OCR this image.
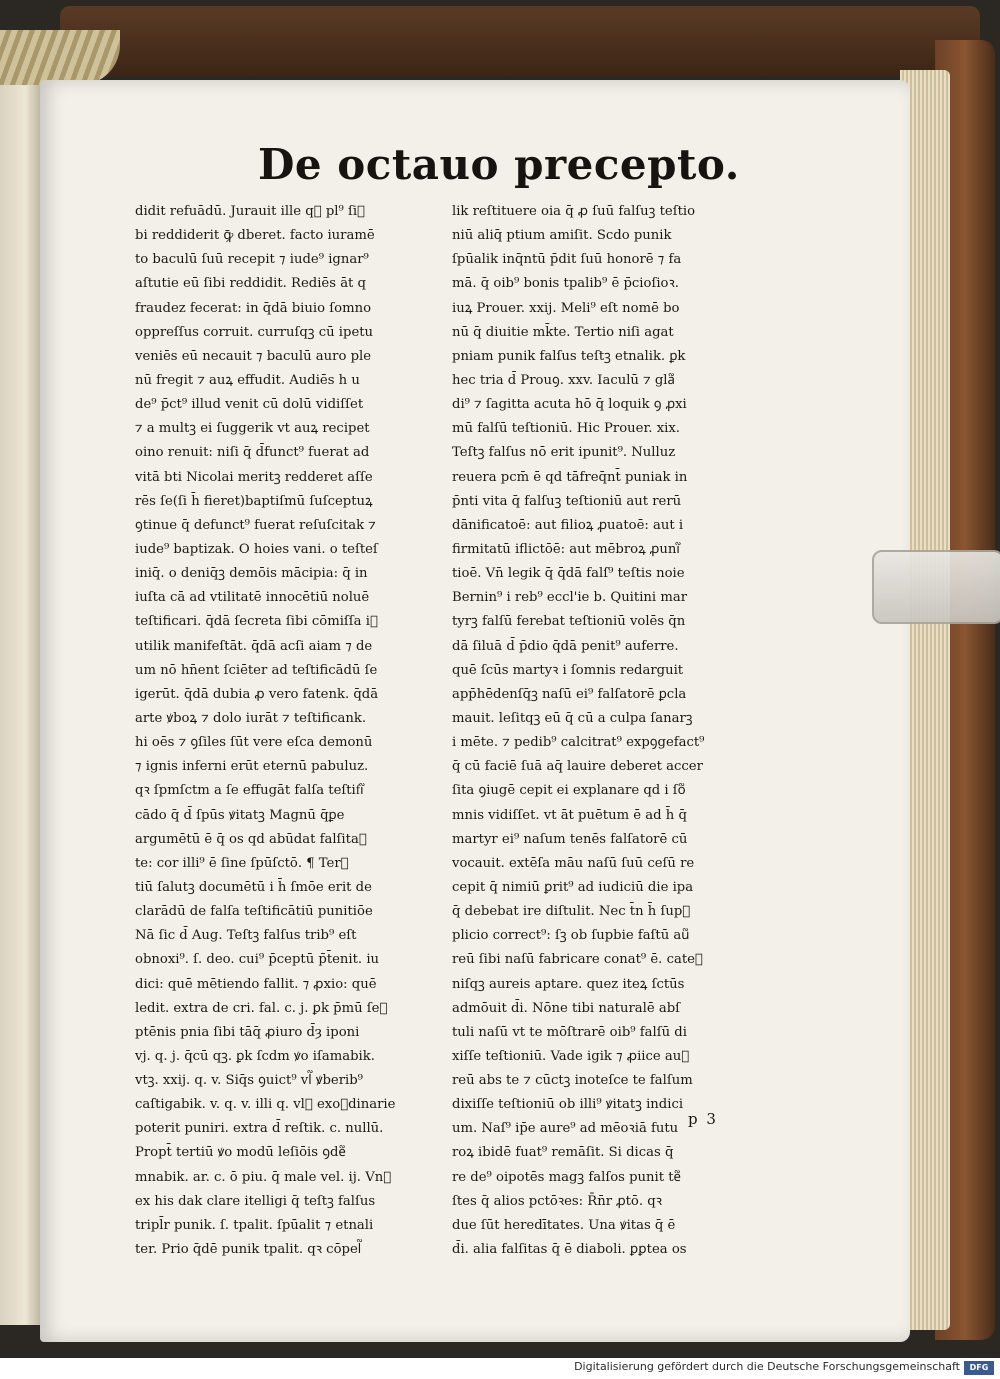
De octauo precepto.
didit refuādū. Jurauit ille q᷑ pl⁹ ſi᷑
bi reddiderit ꝙ̄ dberet. facto iuramē
to baculū ſuū recepit ⁊ iude⁹ ignar⁹
aſtutie eū ſibi reddidit. Rediēs āt q
fraudez fecerat: in q̄dā biuio ſomno
oppreſſus corruit. curruſqꝫ cū ipetu
veniēs eū necauit ⁊ baculū auro ple
nū fregit ⁊ auꝝ effudit. Audiēs h u
de⁹ p̄ct⁹ illud venit cū dolū vidiſſet
⁊ a multꝫ ei ſuggerik vt auꝝ recipet
oino renuit: niſi q̄ d̄funct⁹ fuerat ad
vitā bti Nicolai meritꝫ redderet aſſe
rēs ſe(ſi h̄ fieret)baptiſmū ſuſceptuꝝ
ꝯtinue q̄ defunct⁹ fuerat reſuſcitak ⁊
iude⁹ baptizak. O hoies vani. o teſteſ
iniq̄. o deniq̄ꝫ demōis mācipia: q̄ in
iuſta cā ad vtilitatē innocētiū noluē
teſtificari. q̄dā ſecreta ſibi cōmiſſa i᷑
utilik manifeſtāt. q̄dā acſi aiam ⁊ de
um nō hn̄ent ſciēter ad teſtificādū ſe
igerūt. q̄dā dubia ꝓ vero fatenk. q̄dā
arte ꝟboꝝ ⁊ dolo iurāt ⁊ teſtificank.
hi oēs ⁊ ꝯſiles ſūt vere eſca demonū
⁊ ignis inferni erūt eternū pabuluz.
qꝛ ſpmſctm a ſe effugāt falſa teſtifi᷑
cādo q̄ d̄ ſpūs ꝟitatꝫ Magnū q̄ꝑe
argumētū ē q̄ os qd abūdat falſita᷑
te: cor illi⁹ ē ſine ſpūſctō. ¶ Ter᷑
tiū ſalutꝫ documētū i h̄ ſmōe erit de
clarādū de falſa teſtificātiū punitiōe
Nā ſic d̄ Aug. Teſtꝫ falſus trib⁹ eſt
obnoxi⁹. ſ. deo. cui⁹ p̄ceptū p̄t̄enit. iu
dici: quē mētiendo fallit. ⁊ ꝓxio: quē
ledit. extra de cri. fal. c. j. ꝑk p̄mū ſe᷑
ptēnis pnia ſibi tāq̄ ꝓiuro d̄ȝ iponi
vj. q. j. q̄cū qꝫ. ꝑk ſcdm ꝟo iſamabik.
vtꝫ. xxij. q. v. Siq̄s ꝯuict⁹ vl᷑ ꝟberib⁹
caſtigabik. v. q. v. illi q. vl᷑ exoꝛdinarie
poterit puniri. extra d̄ reſtik. c. nullū.
Propt̄ tertiū ꝟo modū leſiōis ꝯde᷑
mnabik. ar. c. ō piu. q̄ male vel. ij. Vn᷑
ex his dak clare itelligi q̄ teſtꝫ falſus
tripl̄r punik. ſ. tpalit. ſpūalit ⁊ etnali
ter. Prio q̄dē punik tpalit. qꝛ cōpel᷑
lik reſtituere oia q̄ ꝓ ſuū falſuꝫ teſtio
niū aliq̄ ptium amiſit. Scdo punik
ſpūalik inq̄ntū p̄dit ſuū honorē ⁊ fa
mā. q̄ oib⁹ bonis tpalib⁹ ē p̄cioſioꝛ.
iuꝝ Prouer. xxij. Meli⁹ eſt nomē bo
nū q̄ diuitie mk̄te. Tertio niſi agat
pniam punik falſus teſtꝫ etnalik. ꝑk
hec tria d̄ Prouꝯ. xxv. Iaculū ⁊ gla᷑
di⁹ ⁊ ſagitta acuta hō q̄ loquik ꝯ ꝓxi
mū falſū teſtioniū. Hic Prouer. xix.
Teſtꝫ falſus nō erit ipunit⁹. Nulluz
reuera pcm̄ ē qd tāfreq̄nt̄ puniak in
p̄nti vita q̄ falſuꝫ teſtioniū aut rerū
dānificatoē: aut filioꝝ ꝓuatoē: aut i
firmitatū iflictōē: aut mēbroꝝ ꝓuni᷑
tioē. Vn̄ legik q̄ q̄dā falſ⁹ teſtis noie
Bernin⁹ i reb⁹ eccl'ie b. Quitini mar
tyrꝫ falſū ferebat teſtioniū volēs q̄n
dā ſiluā d̄ p̄dio q̄dā penit⁹ auferre.
quē ſcūs martyꝛ i ſomnis redarguit
app̄hēdenſq̄ꝫ naſū ei⁹ falſatorē ꝑcla
mauit. leſitqꝫ eū q̄ cū a culpa ſanarꝫ
i mēte. ⁊ pedib⁹ calcitrat⁹ expꝯgefact⁹
q̄ cū faciē ſuā aq̄ lauire deberet accer
ſita ꝯiugē cepit ei explanare qd i ſo᷑
mnis vidiſſet. vt āt puētum ē ad h̄ q̄
martyr ei⁹ naſum tenēs falſatorē cū
vocauit. extēſa māu naſū ſuū ceſū re
cepit q̄ nimiū ꝑrit⁹ ad iudiciū die ipa
q̄ debebat ire diſtulit. Nec t̄n h̄ ſup᷑
plicio correct⁹: ſꝫ ob ſupbie faſtū au᷑
reū ſibi naſū fabricare conat⁹ ē. cate᷑
niſqꝫ aureis aptare. quez iteꝝ ſctūs
admōuit d̄i. Nōne tibi naturalē abſ
tuli naſū vt te mōſtrarē oib⁹ falſū di
xiſſe teſtioniū. Vade igik ⁊ ꝓiice au᷑
reū abs te ⁊ cūctꝫ inoteſce te falſum
dixiſſe teſtioniū ob illi⁹ ꝟitatꝫ indici
um. Naſ⁹ ip̄e aure⁹ ad mēoꝛiā futu
roꝝ ibidē fuat⁹ remāſit. Si dicas q̄
re de⁹ oipotēs magꝫ falſos punit te᷑
ſtes q̄ alios pctōꝛes: R̄n̄r ꝓtō. qꝛ
due ſūt heredītates. Una ꝟitas q̄ ē
d̄i. alia falſitas q̄ ē diaboli. ꝑꝑtea os
p 3
Digitalisierung gefördert durch die Deutsche Forschungsgemeinschaft	DFG
